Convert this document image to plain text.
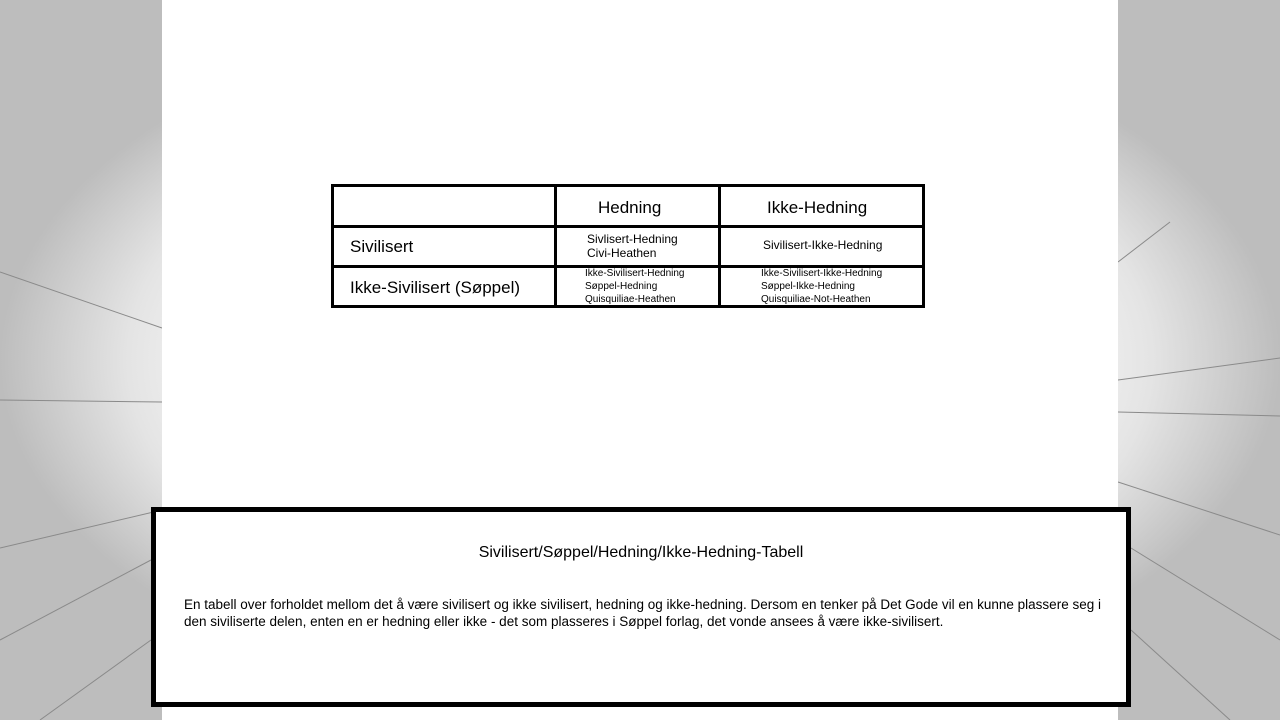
Hedning	Ikke-Hedning
Sivilisert	Sivlisert-Hedning
Civi-Heathen
Sivilisert-Ikke-Hedning
Ikke-Sivilisert (Søppel)
Ikke-Sivilisert-Hedning
Søppel-Hedning
Quisquiliae-Heathen
Ikke-Sivilisert-Ikke-Hedning
Søppel-Ikke-Hedning
Quisquiliae-Not-Heathen
Sivilisert/Søppel/Hedning/Ikke-Hedning-Tabell
En tabell over forholdet mellom det å være sivilisert og ikke sivilisert, hedning og ikke-hedning. Dersom en tenker på Det Gode vil en kunne plassere seg i den siviliserte delen, enten en er hedning eller ikke - det som plasseres i Søppel forlag, det vonde ansees å være ikke-sivilisert.
